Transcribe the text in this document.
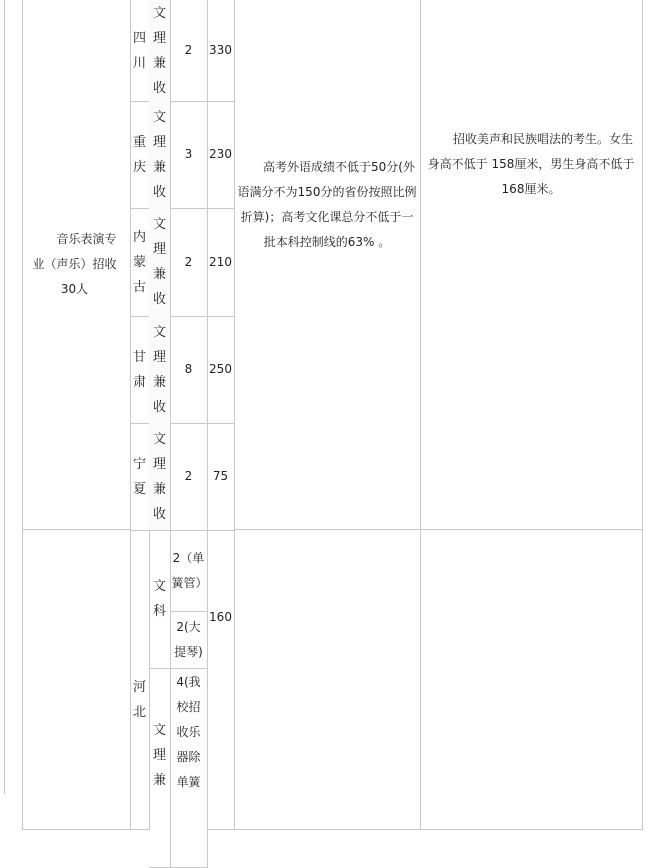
音乐表演专业（声乐）招收30人
四川
文理兼收
2 330
重庆
文理兼收
3 230
内蒙古
文理兼收
2 210
甘肃
文理兼收
8 250
宁夏
文理兼收
2 75
高考外语成绩不低于50分(外语满分不为150分的省份按照比例折算)；高考文化课总分不低于一批本科控制线的63% 。
招收美声和民族唱法的考生。女生身高不低于 158厘米，男生身高不低于168厘米。
河北
文科
2（单簧管）
2(大提琴)
文理兼
4(我校招收乐器除单簧
160
